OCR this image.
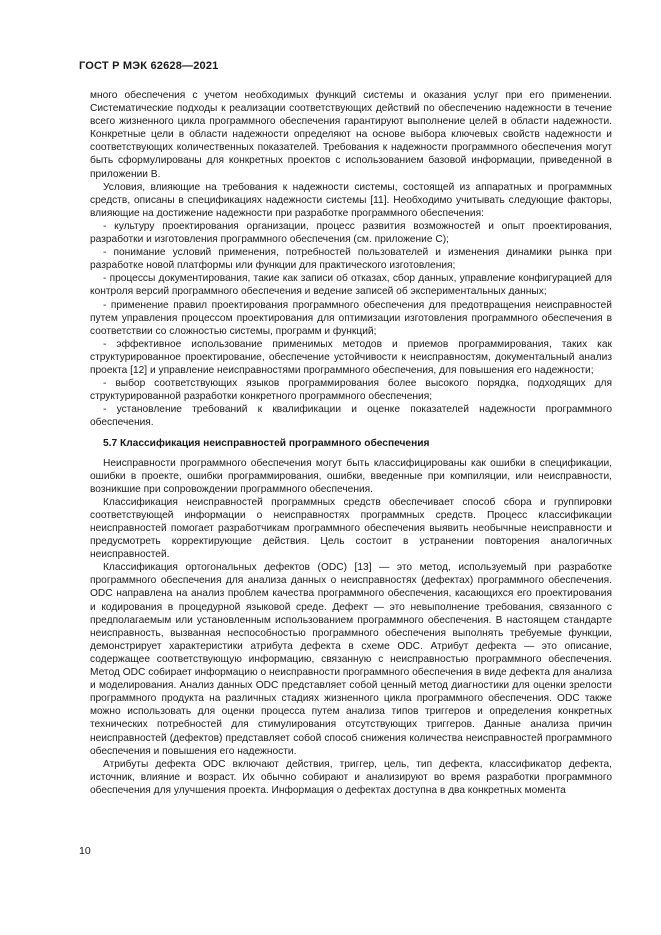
ГОСТ Р МЭК 62628—2021

много обеспечения с учетом необходимых функций системы и оказания услуг при его применении. Систематические подходы к реализации соответствующих действий по обеспечению надежности в течение всего жизненного цикла программного обеспечения гарантируют выполнение целей в области надежности. Конкретные цели в области надежности определяют на основе выбора ключевых свойств надежности и соответствующих количественных показателей. Требования к надежности программного обеспечения могут быть сформулированы для конкретных проектов с использованием базовой информации, приведенной в приложении В.

Условия, влияющие на требования к надежности системы, состоящей из аппаратных и программных средств, описаны в спецификациях надежности системы [11]. Необходимо учитывать следующие факторы, влияющие на достижение надежности при разработке программного обеспечения:

- культуру проектирования организации, процесс развития возможностей и опыт проектирования, разработки и изготовления программного обеспечения (см. приложение С);

- понимание условий применения, потребностей пользователей и изменения динамики рынка при разработке новой платформы или функции для практического изготовления;

- процессы документирования, такие как записи об отказах, сбор данных, управление конфигурацией для контроля версий программного обеспечения и ведение записей об экспериментальных данных;

- применение правил проектирования программного обеспечения для предотвращения неисправностей путем управления процессом проектирования для оптимизации изготовления программного обеспечения в соответствии со сложностью системы, программ и функций;

- эффективное использование применимых методов и приемов программирования, таких как структурированное проектирование, обеспечение устойчивости к неисправностям, документальный анализ проекта [12] и управление неисправностями программного обеспечения, для повышения его надежности;

- выбор соответствующих языков программирования более высокого порядка, подходящих для структурированной разработки конкретного программного обеспечения;

- установление требований к квалификации и оценке показателей надежности программного обеспечения.

5.7 Классификация неисправностей программного обеспечения

Неисправности программного обеспечения могут быть классифицированы как ошибки в спецификации, ошибки в проекте, ошибки программирования, ошибки, введенные при компиляции, или неисправности, возникшие при сопровождении программного обеспечения.

Классификация неисправностей программных средств обеспечивает способ сбора и группировки соответствующей информации о неисправностях программных средств. Процесс классификации неисправностей помогает разработчикам программного обеспечения выявить необычные неисправности и предусмотреть корректирующие действия. Цель состоит в устранении повторения аналогичных неисправностей.

Классификация ортогональных дефектов (ODC) [13] — это метод, используемый при разработке программного обеспечения для анализа данных о неисправностях (дефектах) программного обеспечения. ODC направлена на анализ проблем качества программного обеспечения, касающихся его проектирования и кодирования в процедурной языковой среде. Дефект — это невыполнение требования, связанного с предполагаемым или установленным использованием программного обеспечения. В настоящем стандарте неисправность, вызванная неспособностью программного обеспечения выполнять требуемые функции, демонстрирует характеристики атрибута дефекта в схеме ODC. Атрибут дефекта — это описание, содержащее соответствующую информацию, связанную с неисправностью программного обеспечения. Метод ODC собирает информацию о неисправности программного обеспечения в виде дефекта для анализа и моделирования. Анализ данных ODC представляет собой ценный метод диагностики для оценки зрелости программного продукта на различных стадиях жизненного цикла программного обеспечения. ODC также можно использовать для оценки процесса путем анализа типов триггеров и определения конкретных технических потребностей для стимулирования отсутствующих триггеров. Данные анализа причин неисправностей (дефектов) представляет собой способ снижения количества неисправностей программного обеспечения и повышения его надежности.

Атрибуты дефекта ODC включают действия, триггер, цель, тип дефекта, классификатор дефекта, источник, влияние и возраст. Их обычно собирают и анализируют во время разработки программного обеспечения для улучшения проекта. Информация о дефектах доступна в два конкретных момента

10
